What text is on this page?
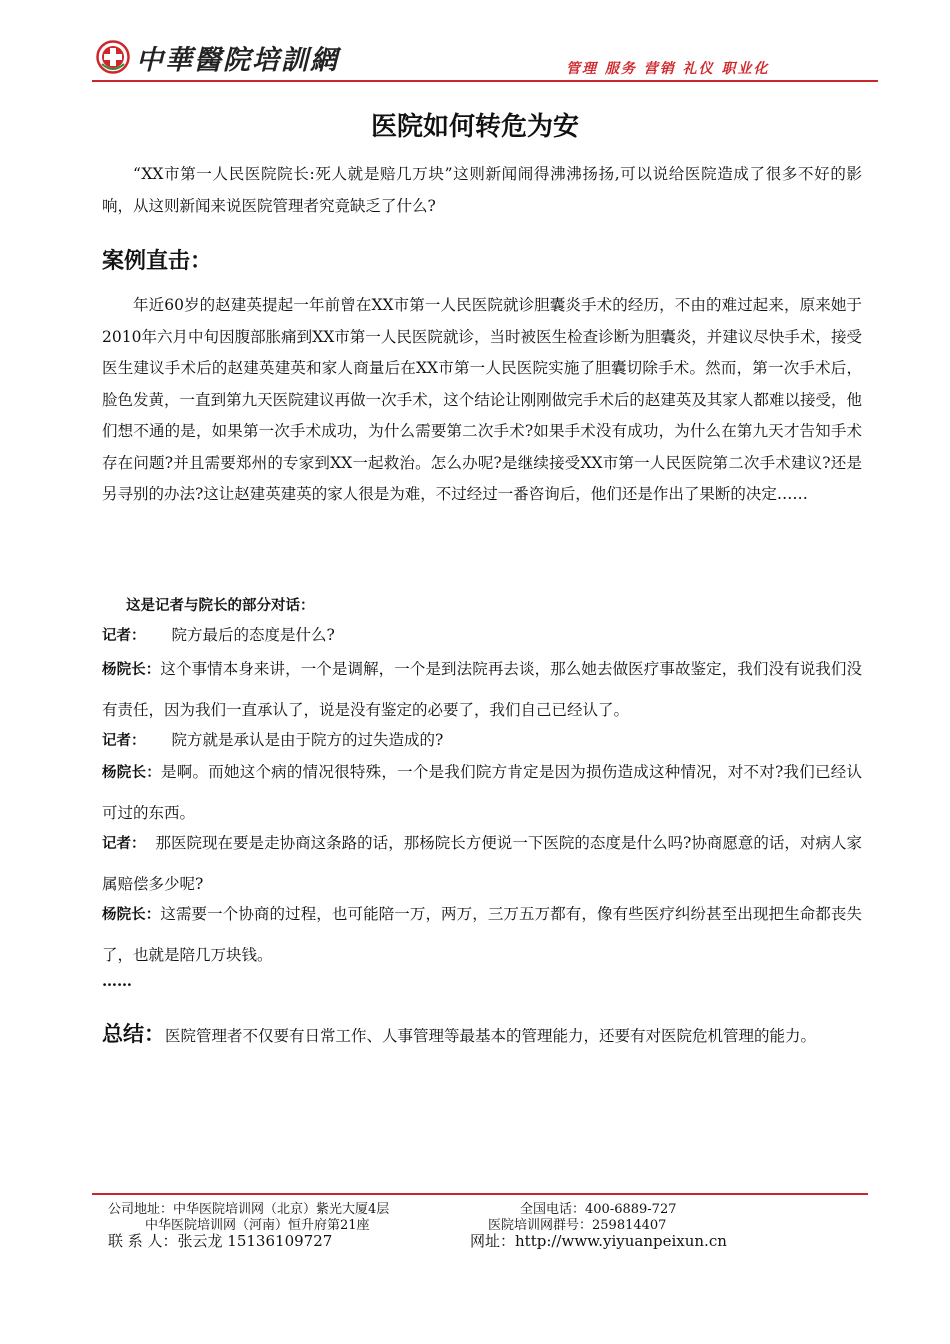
中華醫院培訓網	管理 服务 营销 礼仪 职业化
医院如何转危为安

“XX市第一人民医院院长:死人就是赔几万块”这则新闻闹得沸沸扬扬,可以说给医院造成了很多不好的影响，从这则新闻来说医院管理者究竟缺乏了什么?

案例直击：

年近60岁的赵建英提起一年前曾在XX市第一人民医院就诊胆囊炎手术的经历，不由的难过起来，原来她于2010年六月中旬因腹部胀痛到XX市第一人民医院就诊，当时被医生检查诊断为胆囊炎，并建议尽快手术，接受医生建议手术后的赵建英建英和家人商量后在XX市第一人民医院实施了胆囊切除手术。然而，第一次手术后，脸色发黄，一直到第九天医院建议再做一次手术，这个结论让刚刚做完手术后的赵建英及其家人都难以接受，他们想不通的是，如果第一次手术成功，为什么需要第二次手术?如果手术没有成功，为什么在第九天才告知手术存在问题?并且需要郑州的专家到XX一起救治。怎么办呢?是继续接受XX市第一人民医院第二次手术建议?还是另寻别的办法?这让赵建英建英的家人很是为难，不过经过一番咨询后，他们还是作出了果断的决定……

这是记者与院长的部分对话：

记者： 院方最后的态度是什么?

杨院长：这个事情本身来讲，一个是调解，一个是到法院再去谈，那么她去做医疗事故鉴定，我们没有说我们没有责任，因为我们一直承认了，说是没有鉴定的必要了，我们自己已经认了。

记者： 院方就是承认是由于院方的过失造成的?

杨院长：是啊。而她这个病的情况很特殊，一个是我们院方肯定是因为损伤造成这种情况，对不对?我们已经认可过的东西。

记者： 那医院现在要是走协商这条路的话，那杨院长方便说一下医院的态度是什么吗?协商愿意的话，对病人家属赔偿多少呢?

杨院长：这需要一个协商的过程，也可能陪一万，两万，三万五万都有，像有些医疗纠纷甚至出现把生命都丧失了，也就是陪几万块钱。

……
总结：医院管理者不仅要有日常工作、人事管理等最基本的管理能力，还要有对医院危机管理的能力。
公司地址：中华医院培训网（北京）紫光大厦4层	全国电话：400-6889-727
中华医院培训网（河南）恒升府第21座	医院培训网群号：259814407
联 系 人：张云龙 15136109727	网址：http://www.yiyuanpeixun.cn
